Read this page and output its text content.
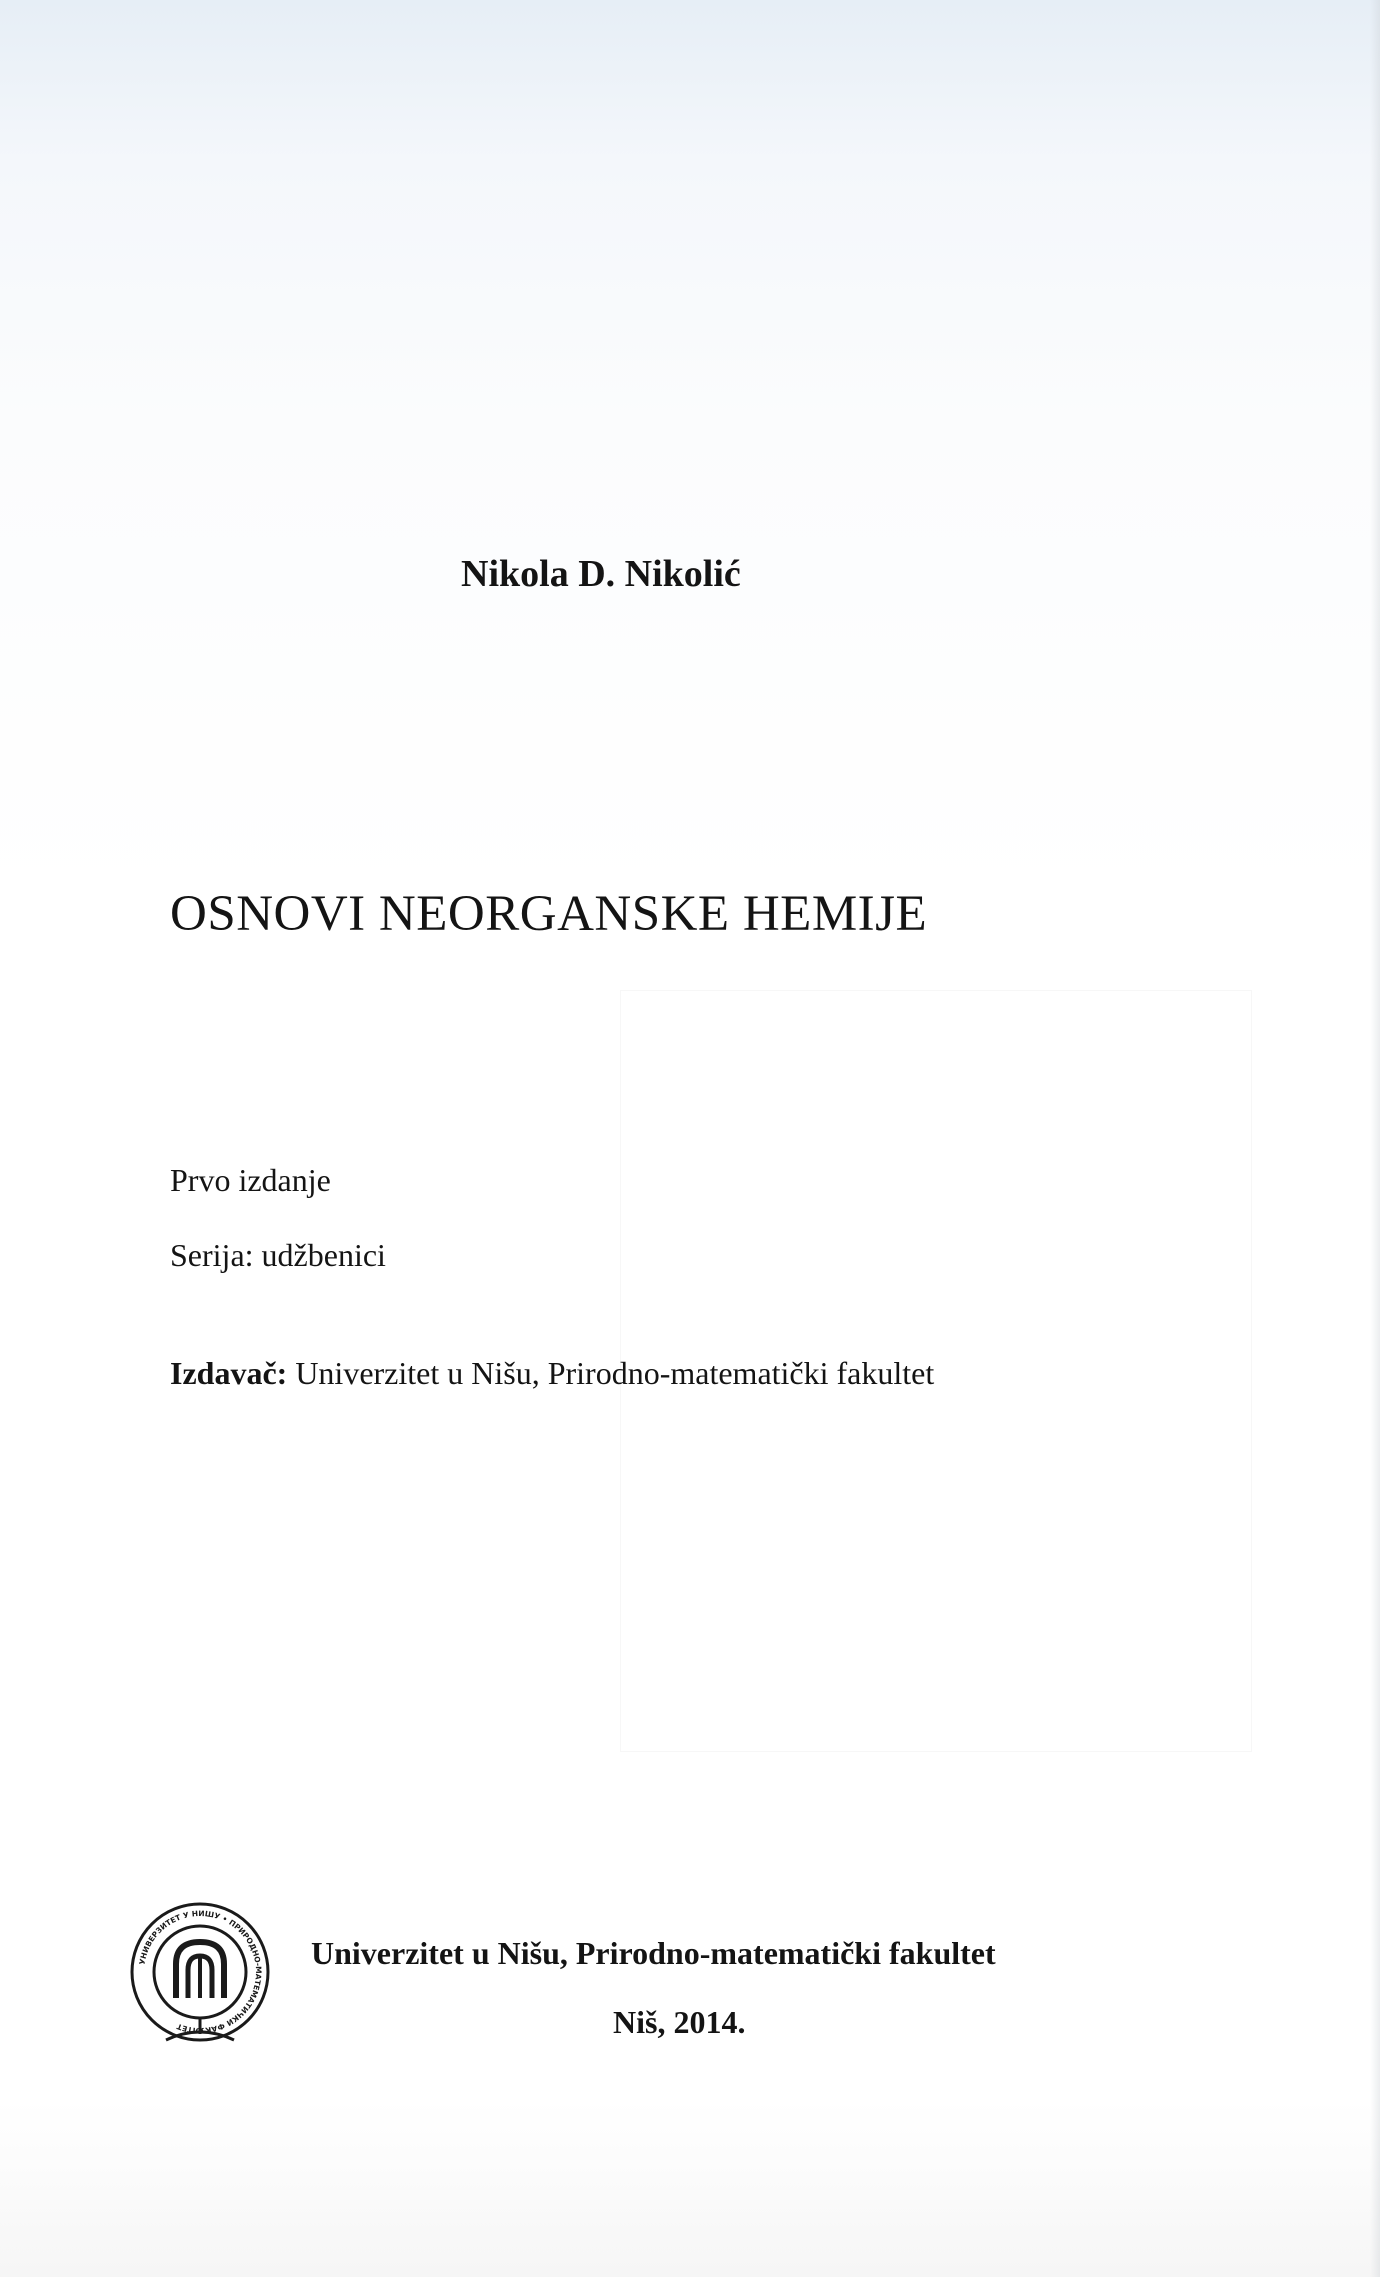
Nikola D. Nikolić
OSNOVI NEORGANSKE HEMIJE
Prvo izdanje
Serija: udžbenici
Izdavač: Univerzitet u Nišu, Prirodno-matematički fakultet
УНИВЕРЗИТЕТ У НИШУ • ПРИРОДНО-МАТЕМАТИЧКИ ФАКУЛТЕТ
Univerzitet u Nišu, Prirodno-matematički fakultet
Niš, 2014.
